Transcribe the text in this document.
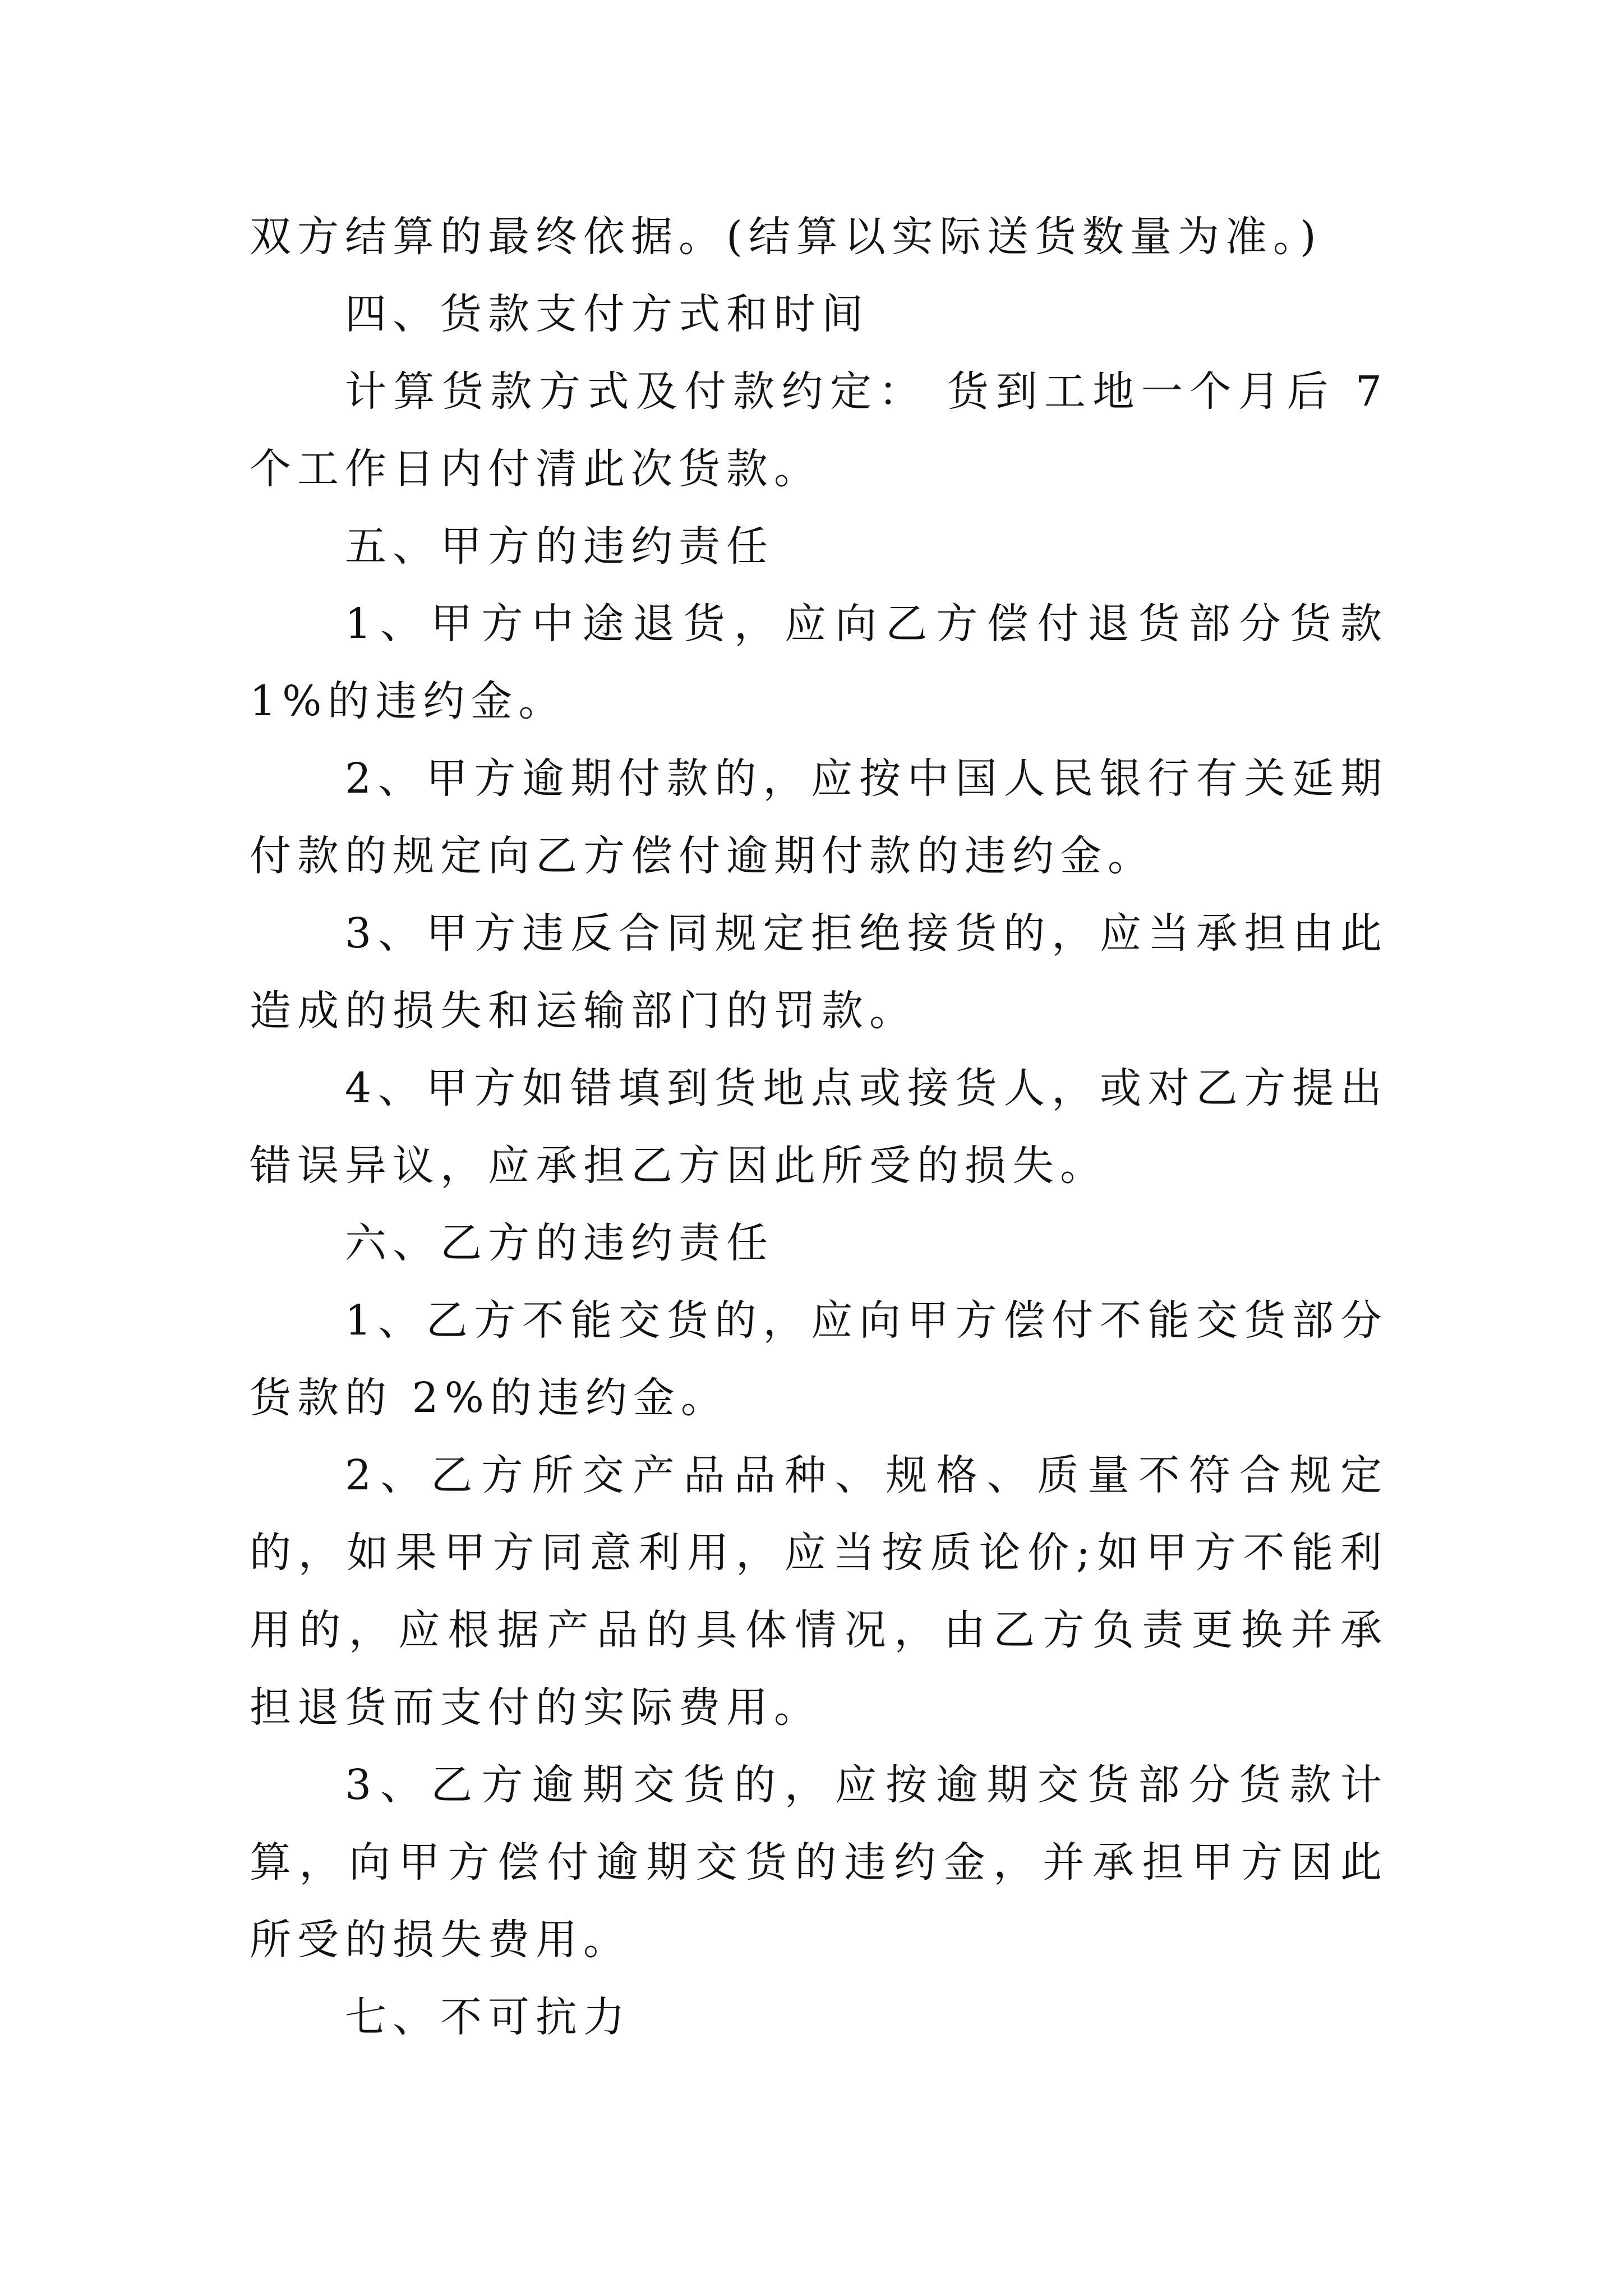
双方结算的最终依据。(结算以实际送货数量为准。)

四、货款支付方式和时间

计算货款方式及付款约定： 货到工地一个月后 7 个工作日内付清此次货款。

五、甲方的违约责任

1、甲方中途退货，应向乙方偿付退货部分货款 1%的违约金。

2、甲方逾期付款的，应按中国人民银行有关延期付款的规定向乙方偿付逾期付款的违约金。

3、甲方违反合同规定拒绝接货的，应当承担由此造成的损失和运输部门的罚款。

4、甲方如错填到货地点或接货人，或对乙方提出错误异议，应承担乙方因此所受的损失。

六、乙方的违约责任

1、乙方不能交货的，应向甲方偿付不能交货部分货款的 2%的违约金。

2、乙方所交产品品种、规格、质量不符合规定的，如果甲方同意利用，应当按质论价;如甲方不能利用的，应根据产品的具体情况，由乙方负责更换并承担退货而支付的实际费用。

3、乙方逾期交货的，应按逾期交货部分货款计算，向甲方偿付逾期交货的违约金，并承担甲方因此所受的损失费用。

七、不可抗力
